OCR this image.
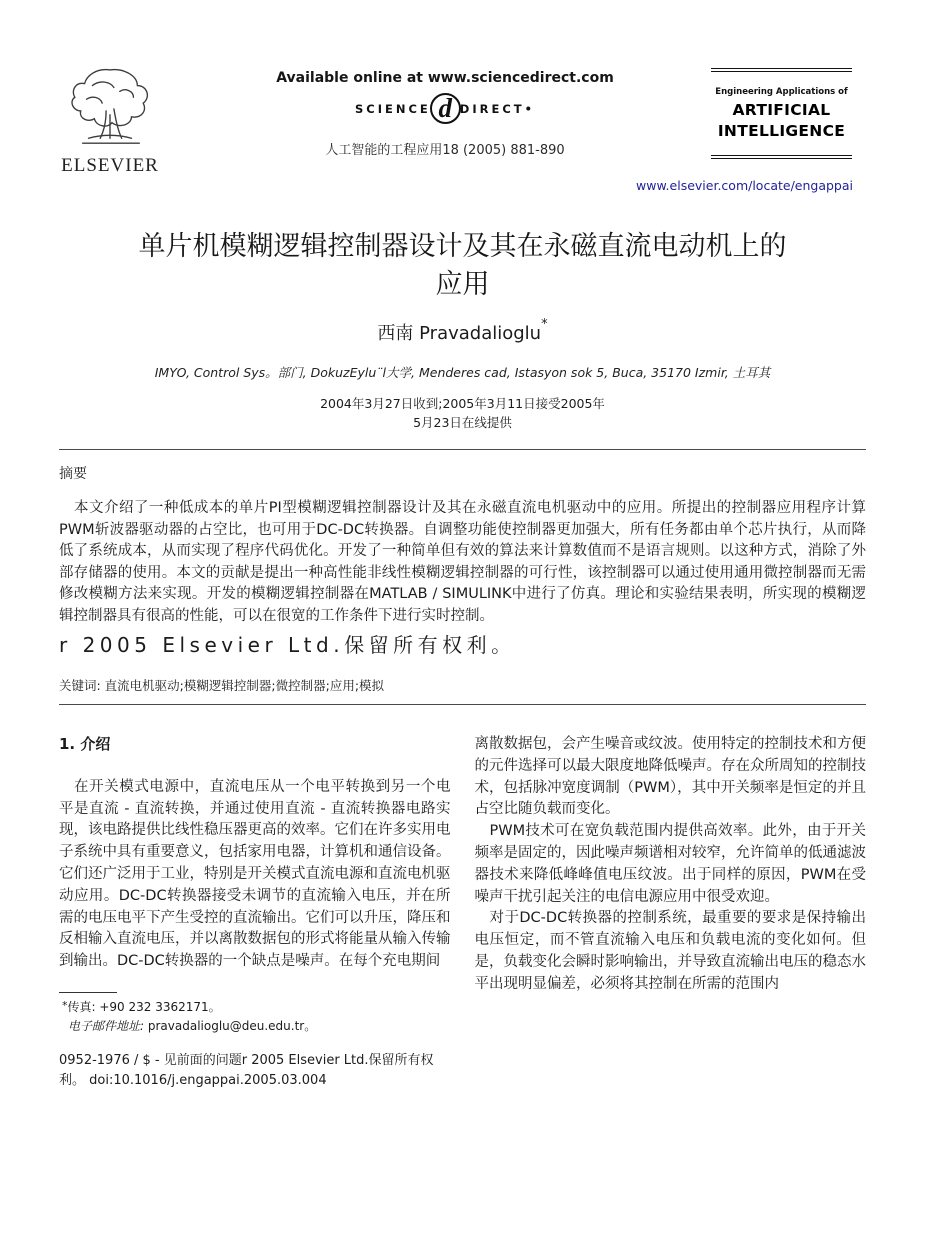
ELSEVIER
Available online at www.sciencedirect.com
SCIENCE d DIRECT•
人工智能的工程应用18 (2005) 881-890
Engineering Applications of
ARTIFICIAL
INTELLIGENCE
www.elsevier.com/locate/engappai
单片机模糊逻辑控制器设计及其在永磁直流电动机上的
应用
西南 Pravadalioglu*
IMYO, Control Sys。部门, DokuzEylu¨l大学, Menderes cad, Istasyon sok 5, Buca, 35170 Izmir, 土耳其
2004年3月27日收到;2005年3月11日接受2005年
5月23日在线提供
摘要
本文介绍了一种低成本的单片PI型模糊逻辑控制器设计及其在永磁直流电机驱动中的应用。所提出的控制器应用程序计算PWM斩波器驱动器的占空比，也可用于DC-DC转换器。自调整功能使控制器更加强大，所有任务都由单个芯片执行，从而降低了系统成本，从而实现了程序代码优化。开发了一种简单但有效的算法来计算数值而不是语言规则。以这种方式，消除了外部存储器的使用。本文的贡献是提出一种高性能非线性模糊逻辑控制器的可行性，该控制器可以通过使用通用微控制器而无需修改模糊方法来实现。开发的模糊逻辑控制器在MATLAB / SIMULINK中进行了仿真。理论和实验结果表明，所实现的模糊逻辑控制器具有很高的性能，可以在很宽的工作条件下进行实时控制。
r 2005 Elsevier Ltd.保留所有权利。
关键词: 直流电机驱动;模糊逻辑控制器;微控制器;应用;模拟
1. 介绍

在开关模式电源中，直流电压从一个电平转换到另一个电平是直流 - 直流转换，并通过使用直流 - 直流转换器电路实现，该电路提供比线性稳压器更高的效率。它们在许多实用电子系统中具有重要意义，包括家用电器，计算机和通信设备。它们还广泛用于工业，特别是开关模式直流电源和直流电机驱动应用。DC-DC转换器接受未调节的直流输入电压，并在所需的电压电平下产生受控的直流输出。它们可以升压，降压和反相输入直流电压，并以离散数据包的形式将能量从输入传输到输出。DC-DC转换器的一个缺点是噪声。在每个充电期间

*传真: +90 232 3362171。
电子邮件地址: pravadalioglu@deu.edu.tr。
0952-1976 / $ - 见前面的问题r 2005 Elsevier Ltd.保留所有权利。 doi:10.1016/j.engappai.2005.03.004

离散数据包，会产生噪音或纹波。使用特定的控制技术和方便的元件选择可以最大限度地降低噪声。存在众所周知的控制技术，包括脉冲宽度调制（PWM），其中开关频率是恒定的并且占空比随负载而变化。

PWM技术可在宽负载范围内提供高效率。此外，由于开关频率是固定的，因此噪声频谱相对较窄，允许简单的低通滤波器技术来降低峰峰值电压纹波。出于同样的原因，PWM在受噪声干扰引起关注的电信电源应用中很受欢迎。

对于DC-DC转换器的控制系统，最重要的要求是保持输出电压恒定，而不管直流输入电压和负载电流的变化如何。但是，负载变化会瞬时影响输出，并导致直流输出电压的稳态水平出现明显偏差，必须将其控制在所需的范围内
